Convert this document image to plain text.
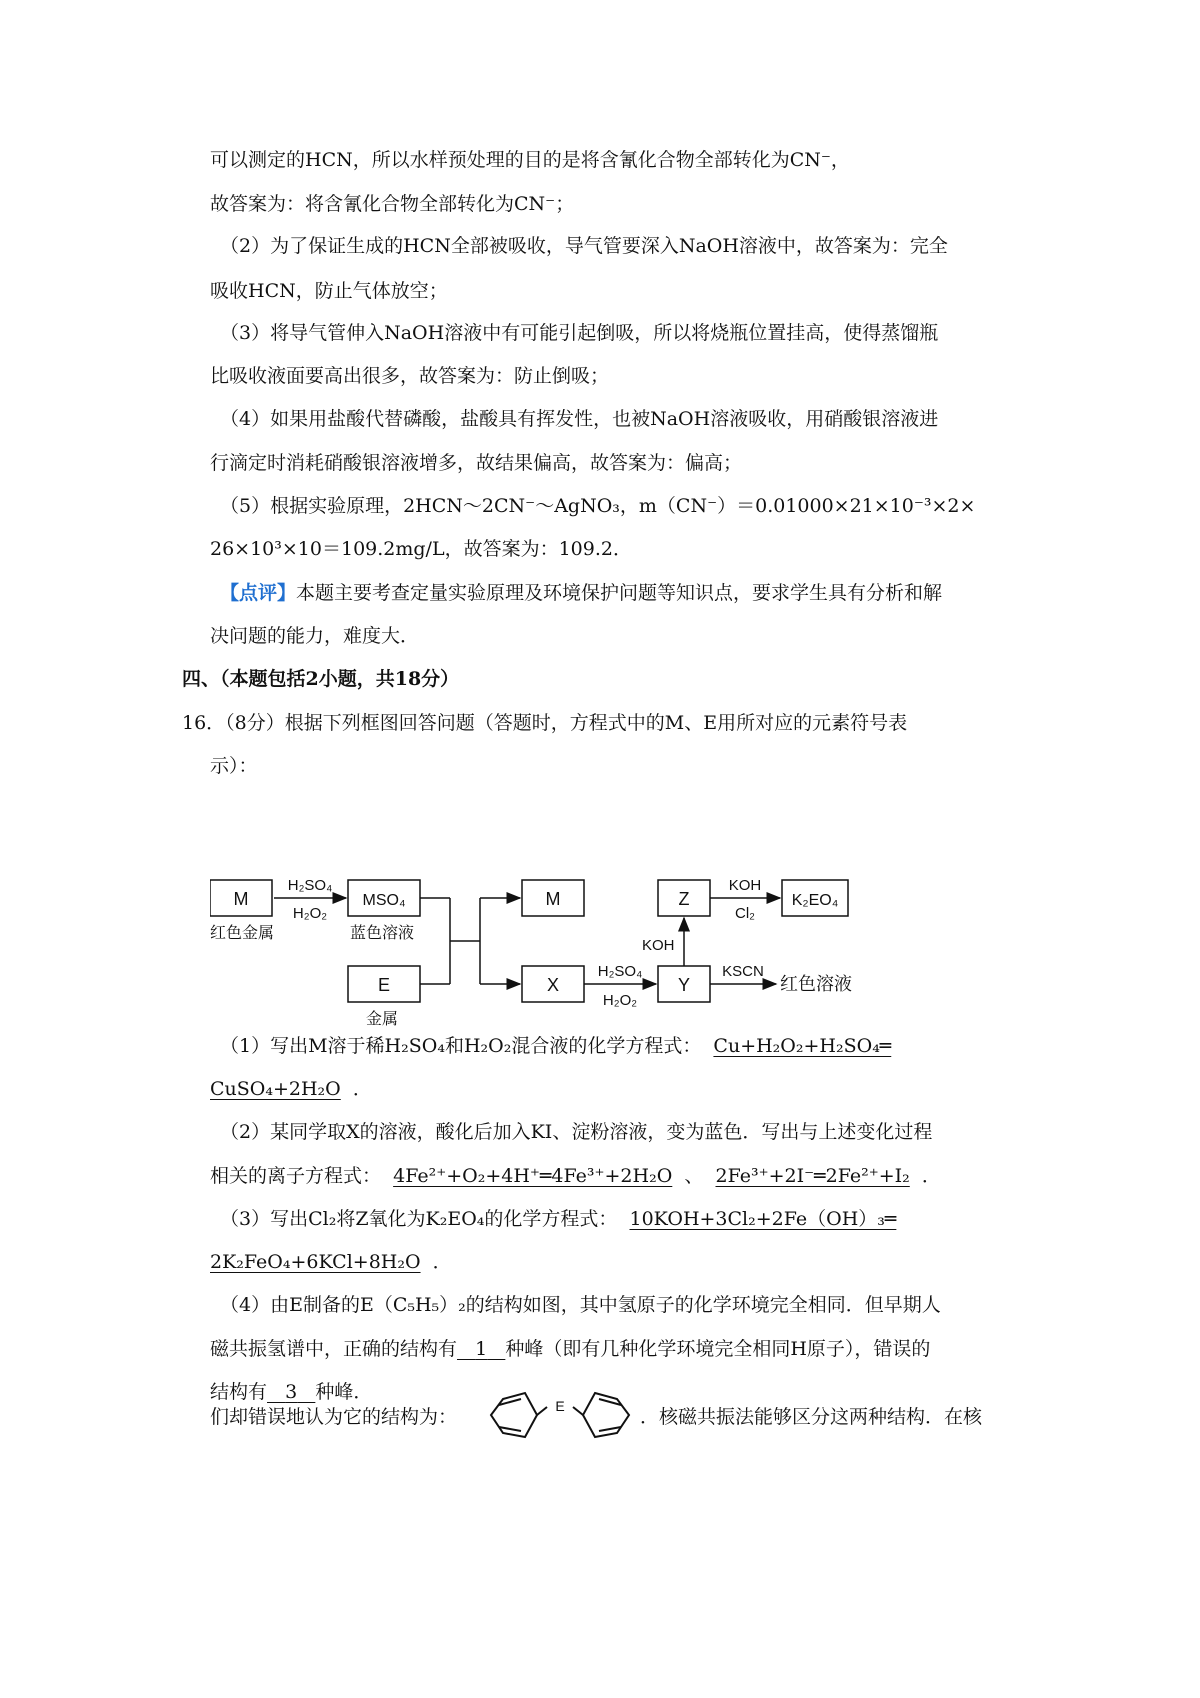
可以测定的HCN，所以水样预处理的目的是将含氰化合物全部转化为CN⁻，
故答案为：将含氰化合物全部转化为CN⁻；
（2）为了保证生成的HCN全部被吸收，导气管要深入NaOH溶液中，故答案为：完全
吸收HCN，防止气体放空；
（3）将导气管伸入NaOH溶液中有可能引起倒吸，所以将烧瓶位置挂高，使得蒸馏瓶
比吸收液面要高出很多，故答案为：防止倒吸；
（4）如果用盐酸代替磷酸，盐酸具有挥发性，也被NaOH溶液吸收，用硝酸银溶液进
行滴定时消耗硝酸银溶液增多，故结果偏高，故答案为：偏高；
（5）根据实验原理，2HCN～2CN⁻～AgNO₃，m（CN⁻）＝0.01000×21×10⁻³×2×
26×10³×10＝109.2mg/L，故答案为：109.2．
【点评】本题主要考查定量实验原理及环境保护问题等知识点，要求学生具有分析和解
决问题的能力，难度大．
四、（本题包括2小题，共18分）
16．（8分）根据下列框图回答问题（答题时，方程式中的M、E用所对应的元素符号表
示）：
M
红色金属
H₂SO₄
H₂O₂
MSO₄
蓝色溶液
E
金属
M
X
H₂SO₄
H₂O₂
Y
KOH
Z
KOH
Cl₂
K₂EO₄
KSCN
红色溶液
（1）写出M溶于稀H₂SO₄和H₂O₂混合液的化学方程式： Cu+H₂O₂+H₂SO₄═
CuSO₄+2H₂O ．
（2）某同学取X的溶液，酸化后加入KI、淀粉溶液，变为蓝色．写出与上述变化过程
相关的离子方程式： 4Fe²⁺+O₂+4H⁺═4Fe³⁺+2H₂O 、 2Fe³⁺+2I⁻═2Fe²⁺+I₂ ．
（3）写出Cl₂将Z氧化为K₂EO₄的化学方程式： 10KOH+3Cl₂+2Fe（OH）₃═
2K₂FeO₄+6KCl+8H₂O ．
（4）由E制备的E（C₅H₅）₂的结构如图，其中氢原子的化学环境完全相同．但早期人
们却错误地认为它的结构为：	．核磁共振法能够区分这两种结构．在核
E
磁共振氢谱中，正确的结构有 1 种峰（即有几种化学环境完全相同H原子），错误的
结构有 3 种峰．
